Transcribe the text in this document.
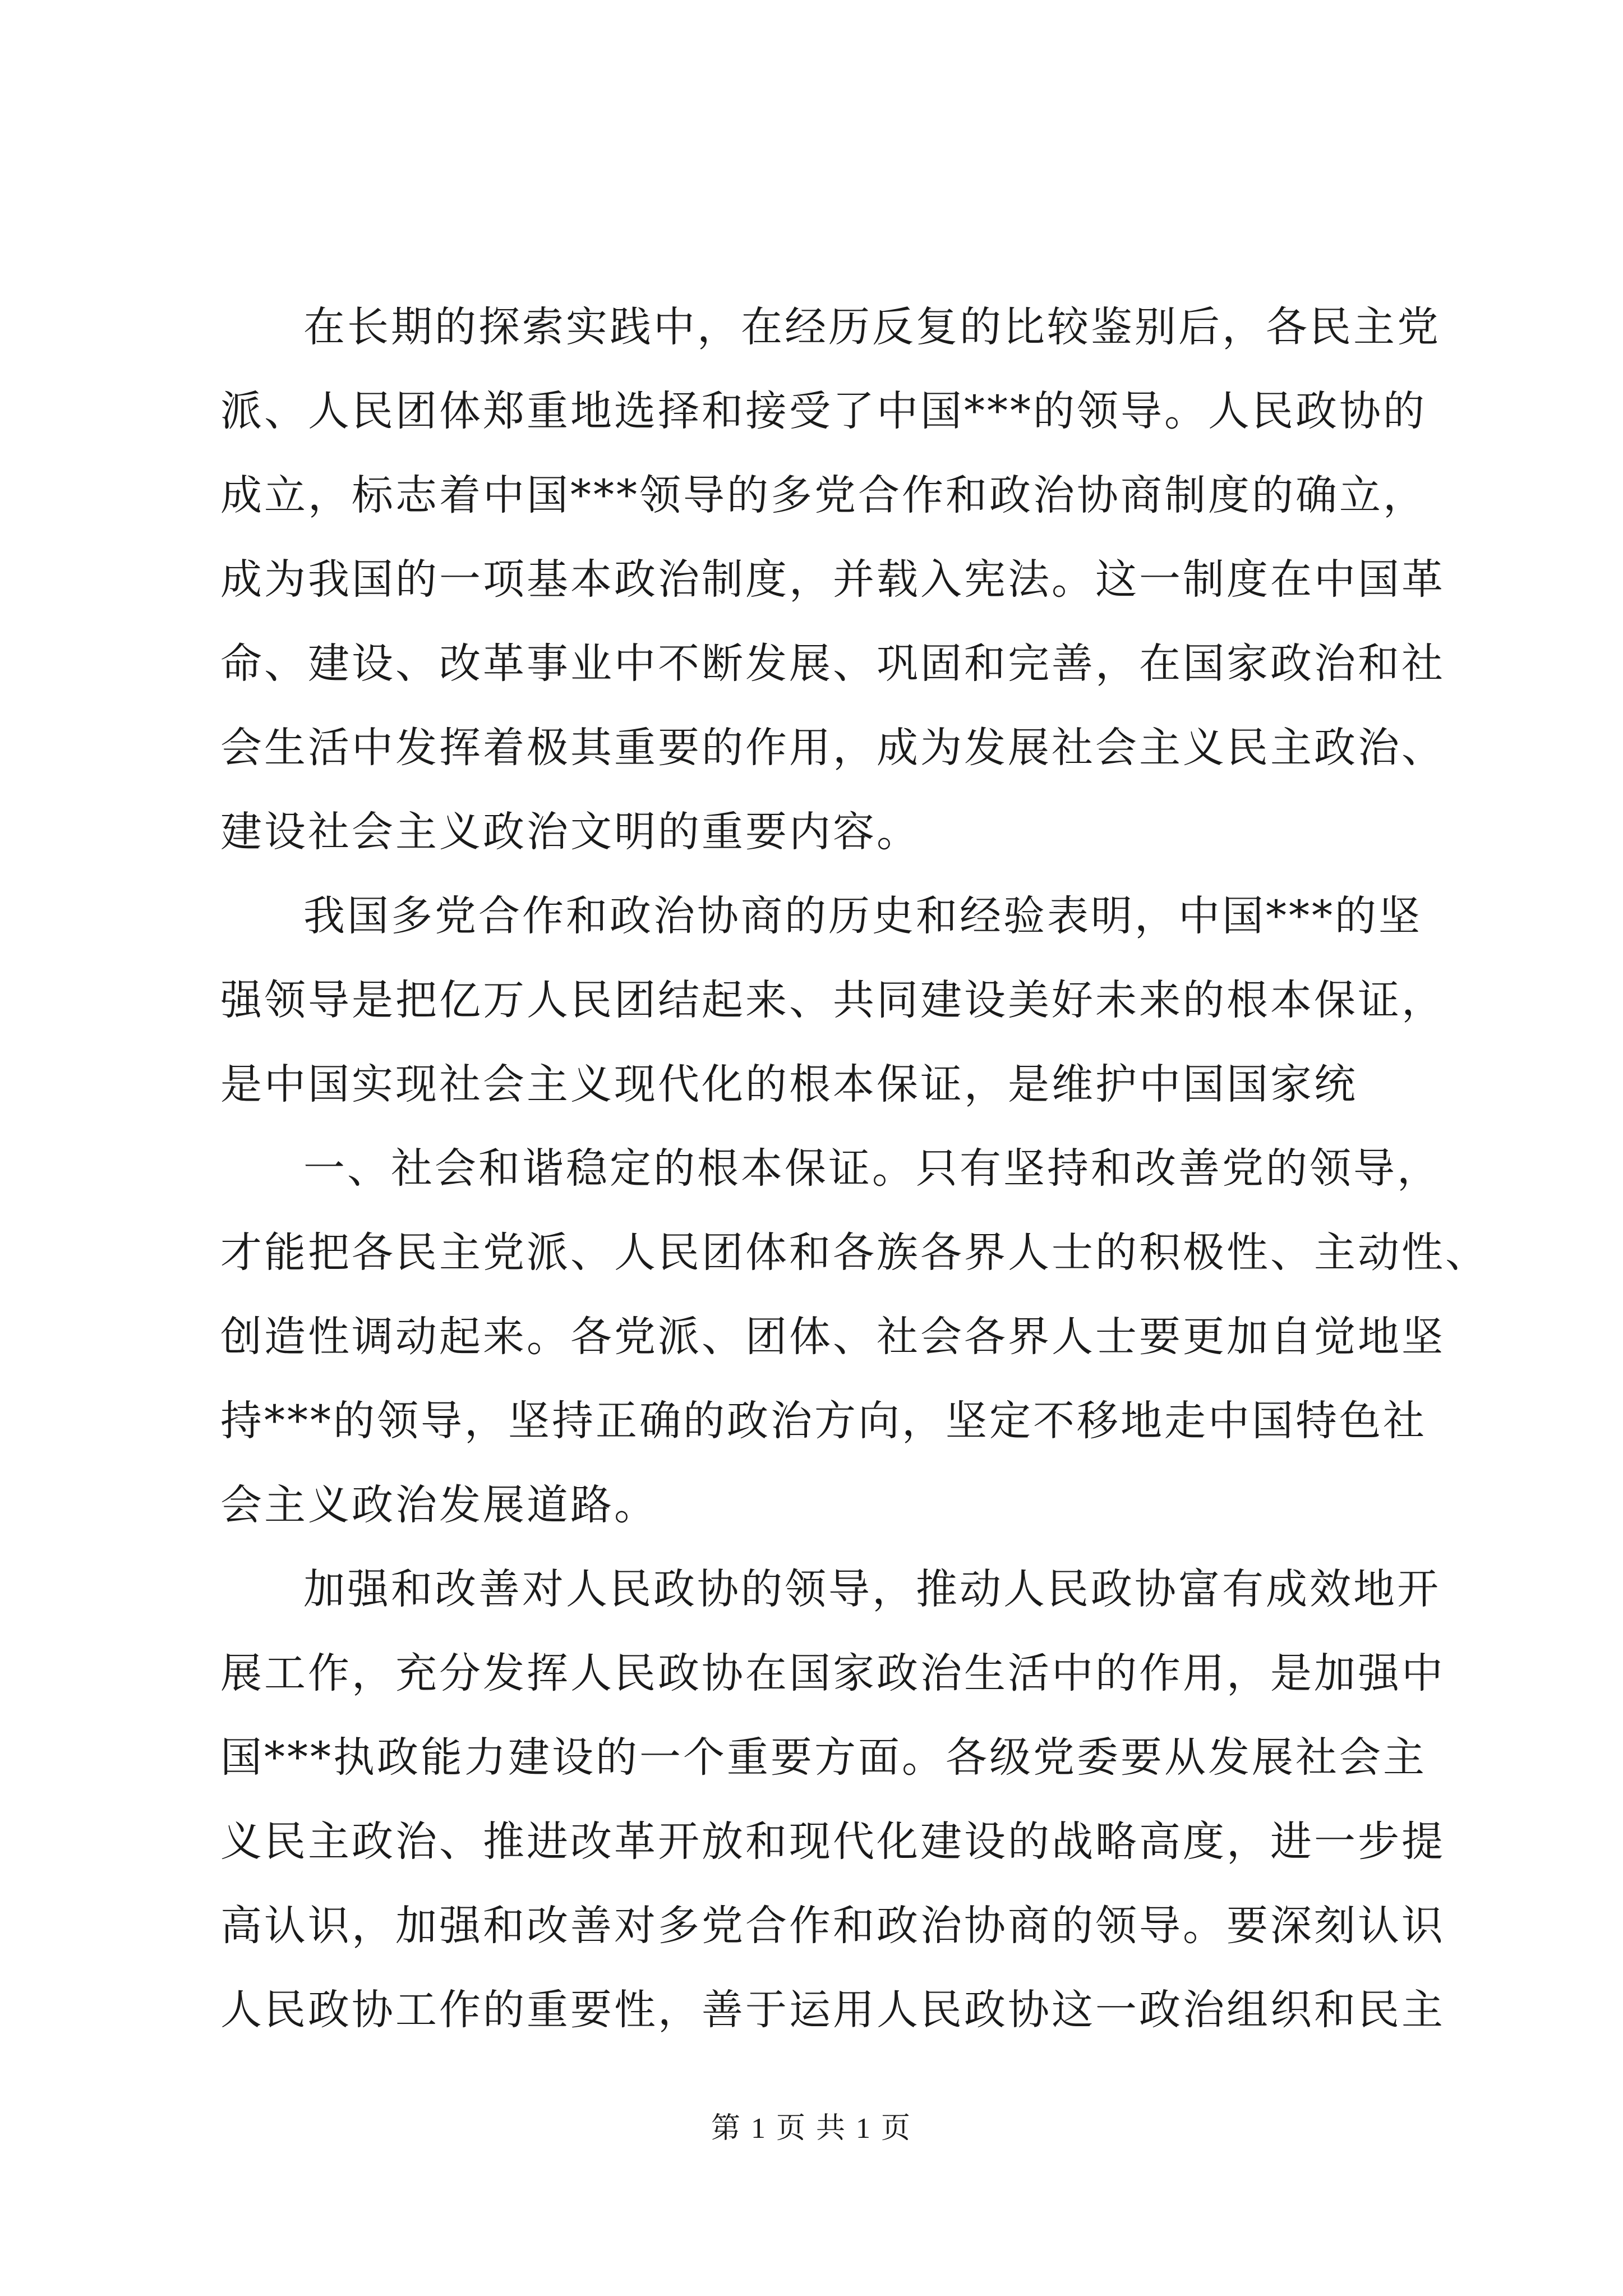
在长期的探索实践中，在经历反复的比较鉴别后，各民主党
派、人民团体郑重地选择和接受了中国***的领导。人民政协的
成立，标志着中国***领导的多党合作和政治协商制度的确立，
成为我国的一项基本政治制度，并载入宪法。这一制度在中国革
命、建设、改革事业中不断发展、巩固和完善，在国家政治和社
会生活中发挥着极其重要的作用，成为发展社会主义民主政治、
建设社会主义政治文明的重要内容。
我国多党合作和政治协商的历史和经验表明，中国***的坚
强领导是把亿万人民团结起来、共同建设美好未来的根本保证，
是中国实现社会主义现代化的根本保证，是维护中国国家统
一、社会和谐稳定的根本保证。只有坚持和改善党的领导，
才能把各民主党派、人民团体和各族各界人士的积极性、主动性、
创造性调动起来。各党派、团体、社会各界人士要更加自觉地坚
持***的领导，坚持正确的政治方向，坚定不移地走中国特色社
会主义政治发展道路。
加强和改善对人民政协的领导，推动人民政协富有成效地开
展工作，充分发挥人民政协在国家政治生活中的作用，是加强中
国***执政能力建设的一个重要方面。各级党委要从发展社会主
义民主政治、推进改革开放和现代化建设的战略高度，进一步提
高认识，加强和改善对多党合作和政治协商的领导。要深刻认识
人民政协工作的重要性，善于运用人民政协这一政治组织和民主
第 1 页 共 1 页
